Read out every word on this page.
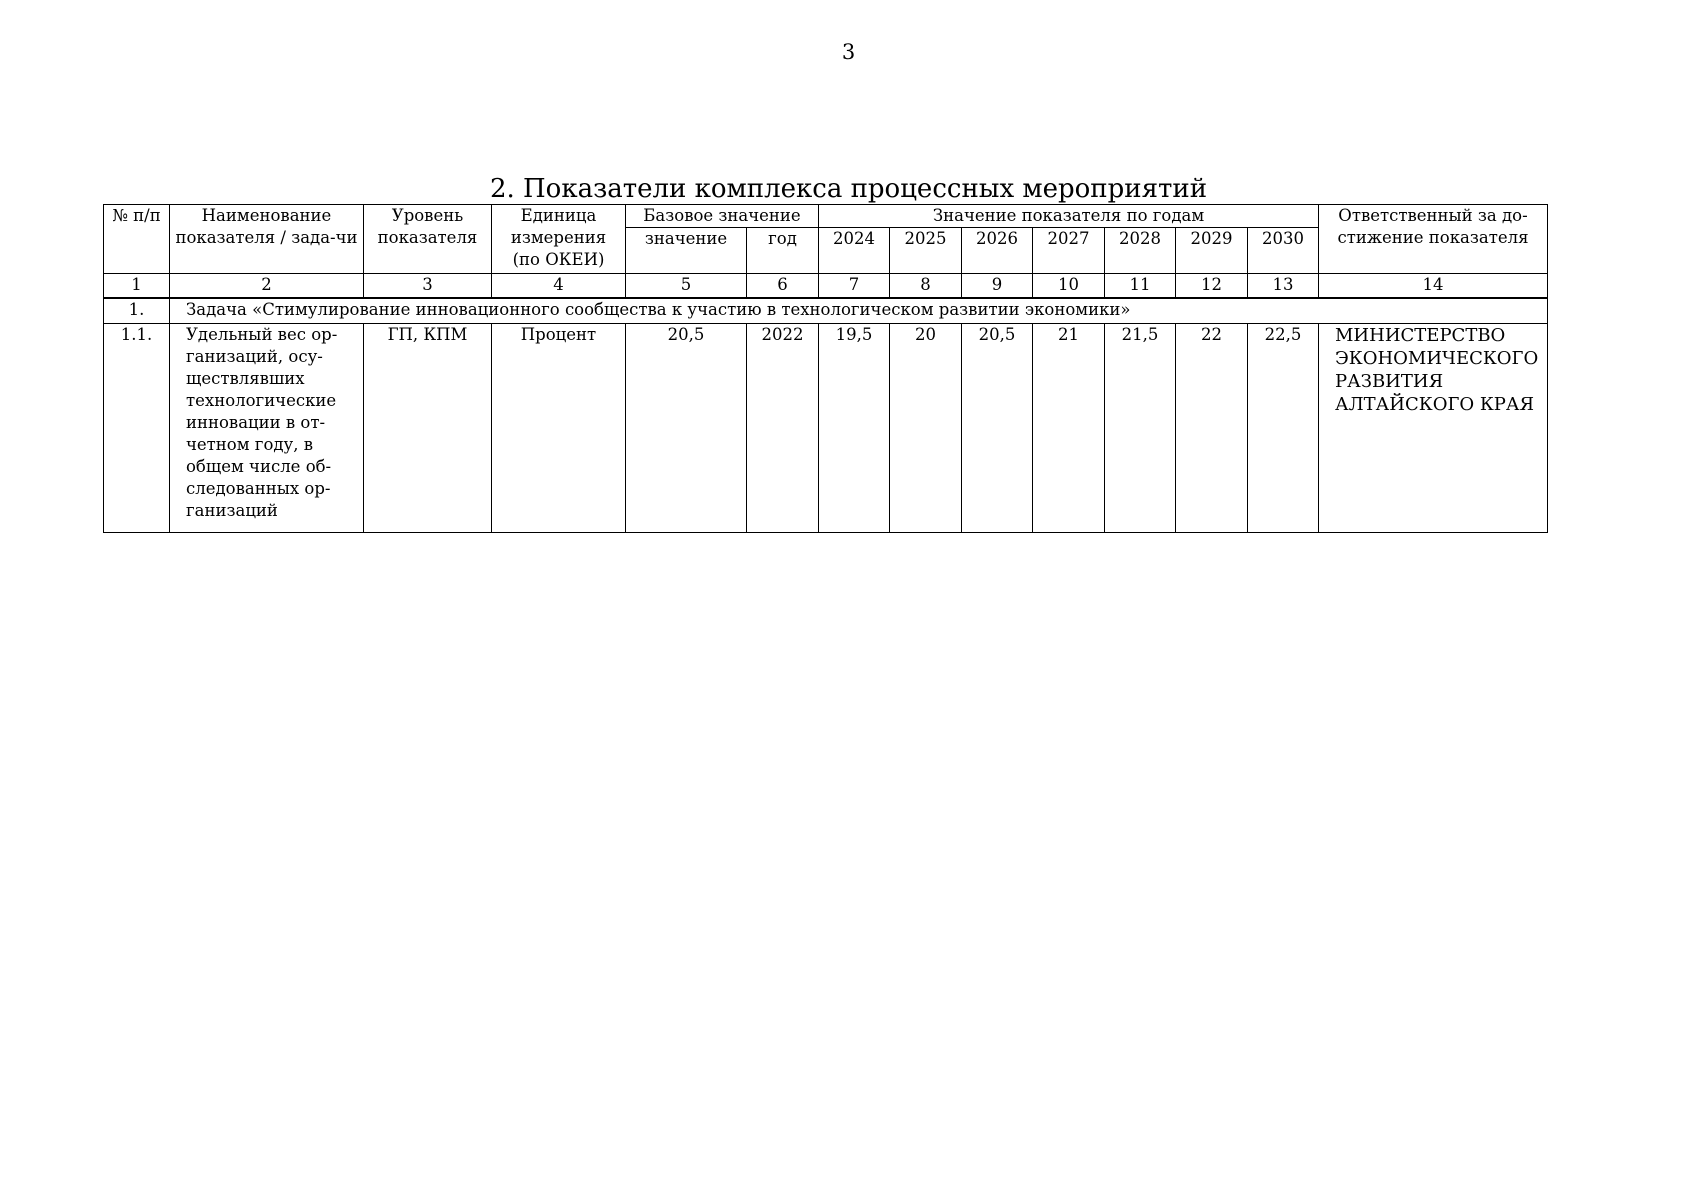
3
2. Показатели комплекса процессных мероприятий
№ п/п	Наименование показателя / зада-чи	Уровень показателя	Единица измерения (по ОКЕИ)	Базовое значение		Значение показателя по годам							Ответственный за до-стижение показателя
				значение	год	2024	2025	2026	2027	2028	2029	2030	
1	2	3	4	5	6	7	8	9	10	11	12	13	14
1.	Задача «Стимулирование инновационного сообщества к участию в технологическом развитии экономики»												
1.1.	Удельный вес ор-ганизаций, осу-ществлявших технологические инновации в от-четном году, в общем числе об-следованных ор-ганизаций	ГП, КПМ	Процент	20,5	2022	19,5	20	20,5	21	21,5	22	22,5	МИНИСТЕРСТВО ЭКОНОМИЧЕСКОГО РАЗВИТИЯ АЛТАЙСКОГО КРАЯ
